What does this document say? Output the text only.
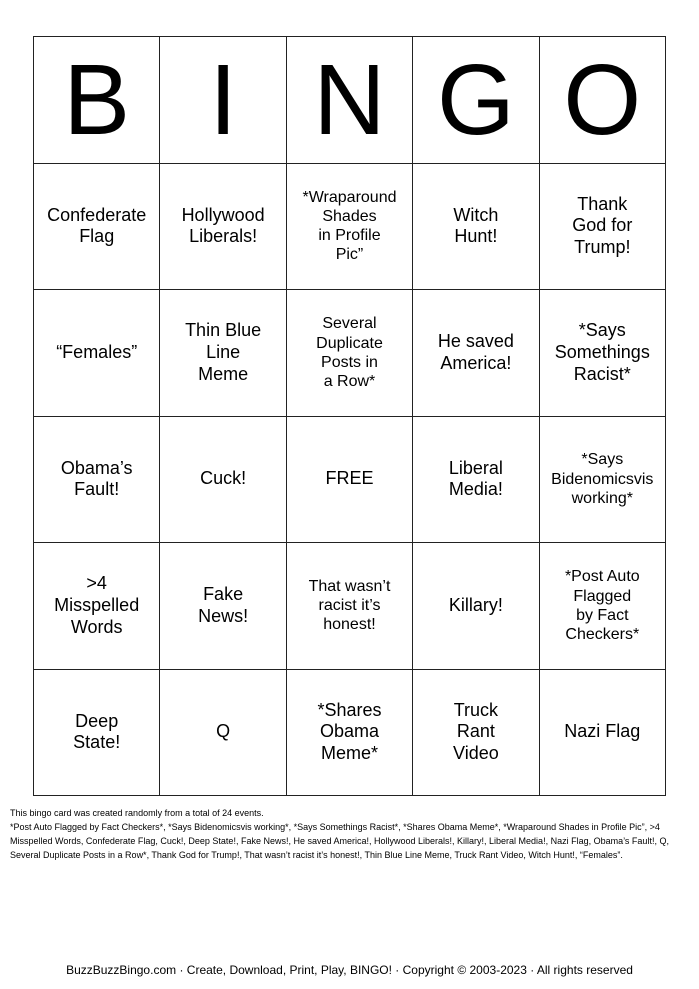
B I N G O
Confederate
Flag
Hollywood
Liberals!
*Wraparound
Shades
in Profile
Pic”
Witch
Hunt!
Thank
God for
Trump!
“Females”
Thin Blue
Line
Meme
Several
Duplicate
Posts in
a Row*
He saved
America!
*Says
Somethings
Racist*
Obama’s
Fault!
Cuck!	FREE
Liberal
Media!
*Says
Bidenomicsvis
working*
>4
Misspelled
Words
Fake
News!
That wasn’t
racist it’s
honest!
Killary!
*Post Auto
Flagged
by Fact
Checkers*
Deep
State!
Q
*Shares
Obama
Meme*
Truck
Rant
Video
Nazi Flag

This bingo card was created randomly from a total of 24 events.

*Post Auto Flagged by Fact Checkers*, *Says Bidenomicsvis working*, *Says Somethings Racist*, *Shares Obama Meme*, *Wraparound Shades in Profile Pic”, >4 Misspelled Words, Confederate Flag, Cuck!, Deep State!, Fake News!, He saved America!, Hollywood Liberals!, Killary!, Liberal Media!, Nazi Flag, Obama’s Fault!, Q, Several Duplicate Posts in a Row*, Thank God for Trump!, That wasn’t racist it’s honest!, Thin Blue Line Meme, Truck Rant Video, Witch Hunt!, “Females”.

BuzzBuzzBingo.com · Create, Download, Print, Play, BINGO! · Copyright © 2003-2023 · All rights reserved
